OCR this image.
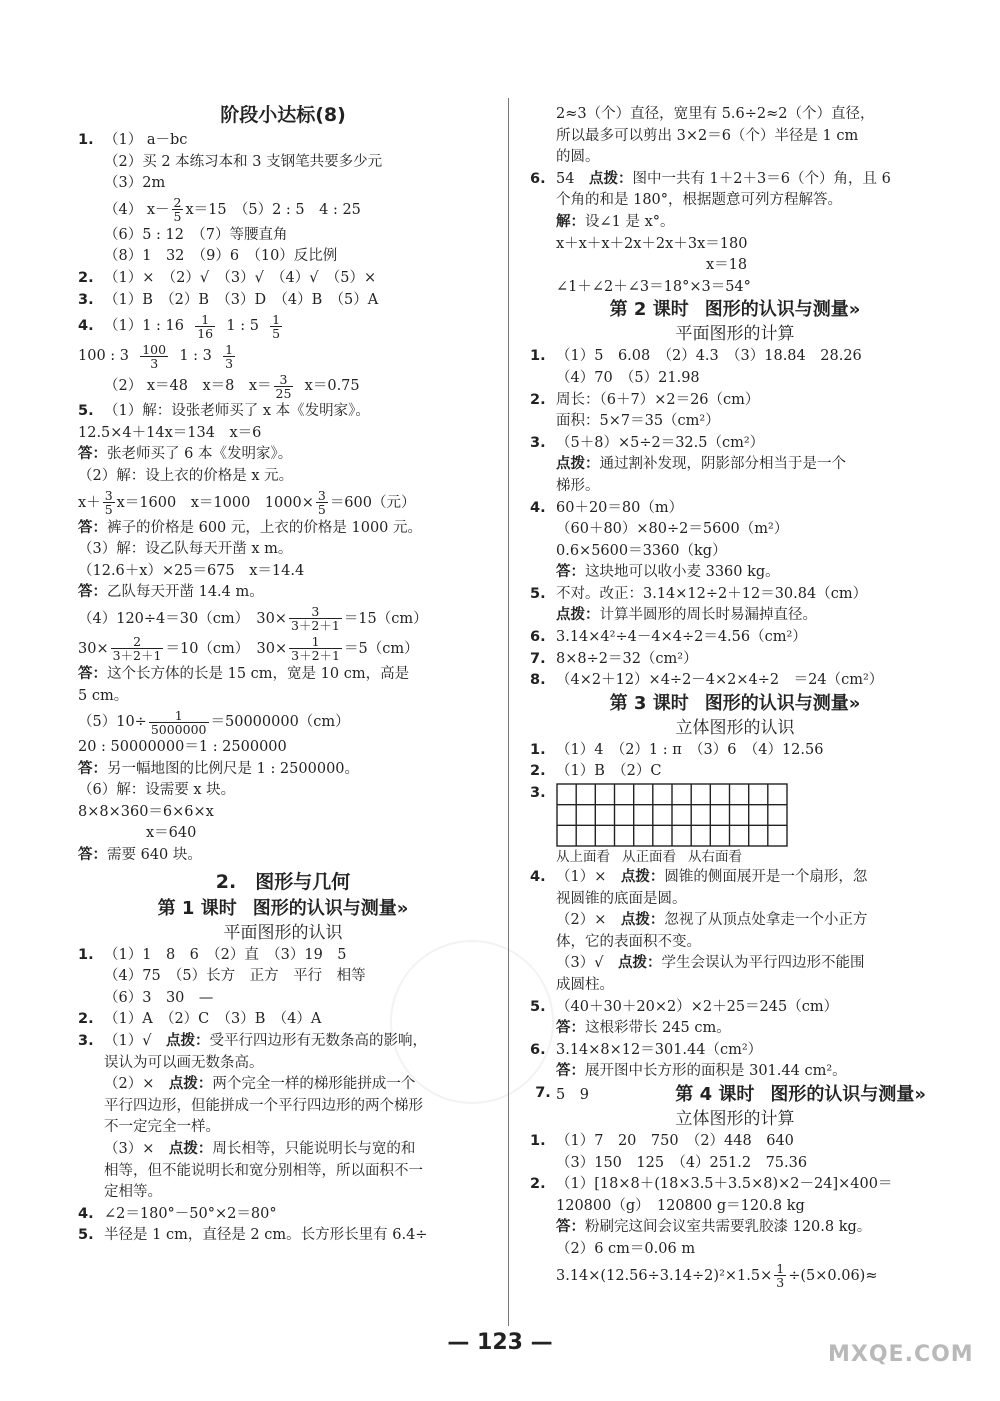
阶段小达标(8)
1. （1） a－bc
（2）买 2 本练习本和 3 支钢笔共要多少元
（3）2m
（4） $x- \frac{2}{5} x=15$　（5）2 : 5　4 : 25
（6）5 : 12　（7）等腰直角
（8）1　32　（9）6　（10）反比例
2. （1）×　（2）√　（3）√　（4）√　（5）×
3. （1）B　（2）B　（3）D　（4）B　（5）A
4. （1）1 : $16 \frac{1}{16} 1$ : $5 \frac{1}{5}$
100 : $3 \frac{100}{3} 1$ : $3 \frac{1}{3}$
（2） x＝48　x＝8　$x= \frac{3}{25} x=0.75$
5. （1）解：设张老师买了 x 本《发明家》。
12.5×4＋14x＝134　x＝6
答：张老师买了 6 本《发明家》。
（2）解：设上衣的价格是 x 元。
$x+ \frac{3}{5} x=1600$　x＝1000　$1000\times \frac{3}{5} =600$（元）
答：裤子的价格是 600 元，上衣的价格是 1000 元。
（3）解：设乙队每天开凿 x m。
（12.6＋x）×25＝675　x＝14.4
答：乙队每天开凿 14.4 m。
（4）120÷4＝30（cm）　$30\times \frac{3}{3+2+1} =15(cm)$
$30\times \frac{2}{3+2+1} =10(cm)$　$30\times \frac{1}{3+2+1} =5(cm)$
答：这个长方体的长是 15 cm，宽是 10 cm，高是
5 cm。
$(5)10\div \frac{1}{5000000} =50000000(cm)$
20 : 50000000＝1 : 2500000
答：另一幅地图的比例尺是 1 : 2500000。
（6）解：设需要 x 块。
8×8×360＝6×6×x
x＝640
答：需要 640 块。
2.　图形与几何
第 1 课时 图形的认识与测量»
平面图形的认识
1. （1）1　8　6　（2）直　（3）19　5
（4）75　（5）长方　正方　平行　相等
（6）3　30　—
2. （1）A　（2）C　（3）B　（4）A
3. （1）√　点拨：受平行四边形有无数条高的影响，
误认为可以画无数条高。
（2）×　点拨：两个完全一样的梯形能拼成一个
平行四边形，但能拼成一个平行四边形的两个梯形
不一定完全一样。
（3）×　点拨：周长相等，只能说明长与宽的和
相等，但不能说明长和宽分别相等，所以面积不一
定相等。
4. ∠2＝180°－50°×2＝80°
5. 半径是 1 cm，直径是 2 cm。长方形长里有 6.4÷
2≈3（个）直径，宽里有 5.6÷2≈2（个）直径，
所以最多可以剪出 3×2＝6（个）半径是 1 cm
的圆。
6. 54　点拨：图中一共有 1＋2＋3＝6（个）角，且 6
个角的和是 180°，根据题意可列方程解答。
解：设∠1 是 x°。
x＋x＋x＋2x＋2x＋3x＝180
x＝18
∠1＋∠2＋∠3＝18°×3＝54°
第 2 课时 图形的认识与测量»
平面图形的计算
1. （1）5　6.08　（2）4.3　（3）18.84　28.26
（4）70　（5）21.98
2. 周长：（6＋7）×2＝26（cm）
面积：5×7＝35（cm²）
3. （5＋8）×5÷2＝32.5（cm²）
点拨：通过割补发现，阴影部分相当于是一个
梯形。
4. 60＋20＝80（m）
（60＋80）×80÷2＝5600（m²）
0.6×5600＝3360（kg）
答：这块地可以收小麦 3360 kg。
5. 不对。改正：3.14×12÷2＋12＝30.84（cm）
点拨：计算半圆形的周长时易漏掉直径。
6. 3.14×4²÷4－4×4÷2＝4.56（cm²）
7. 8×8÷2＝32（cm²）
8. （4×2＋12）×4÷2－4×2×4÷2　＝24（cm²）
第 3 课时 图形的认识与测量»
立体图形的认识
1. （1）4　（2）1 : π　（3）6　（4）12.56
2. （1）B　（2）C
3.
从上面看 从正面看 从右面看
4. （1）×　点拨：圆锥的侧面展开是一个扇形，忽
视圆锥的底面是圆。
（2）×　点拨：忽视了从顶点处拿走一个小正方
体，它的表面积不变。
（3）√　点拨：学生会误认为平行四边形不能围
成圆柱。
5. （40＋30＋20×2）×2＋25＝245（cm）
答：这根彩带长 245 cm。
6. 3.14×8×12＝301.44（cm²）
答：展开图中长方形的面积是 301.44 cm²。
7. 5　9	第 4 课时 图形的认识与测量»
立体图形的计算
1. （1）7　20　750　（2）448　640
（3）150　125　（4）251.2　75.36
2. （1）[18×8＋(18×3.5＋3.5×8)×2－24]×400＝
120800（g）　120800 g＝120.8 kg
答：粉刷完这间会议室共需要乳胶漆 120.8 kg。
（2）6 cm＝0.06 m
$3.14\times(12.56\div 3.14\div 2)^2\times 1.5\times \frac{1}{3} \div(5\times 0.06)\approx$
— 123 —	MXQE.COM
